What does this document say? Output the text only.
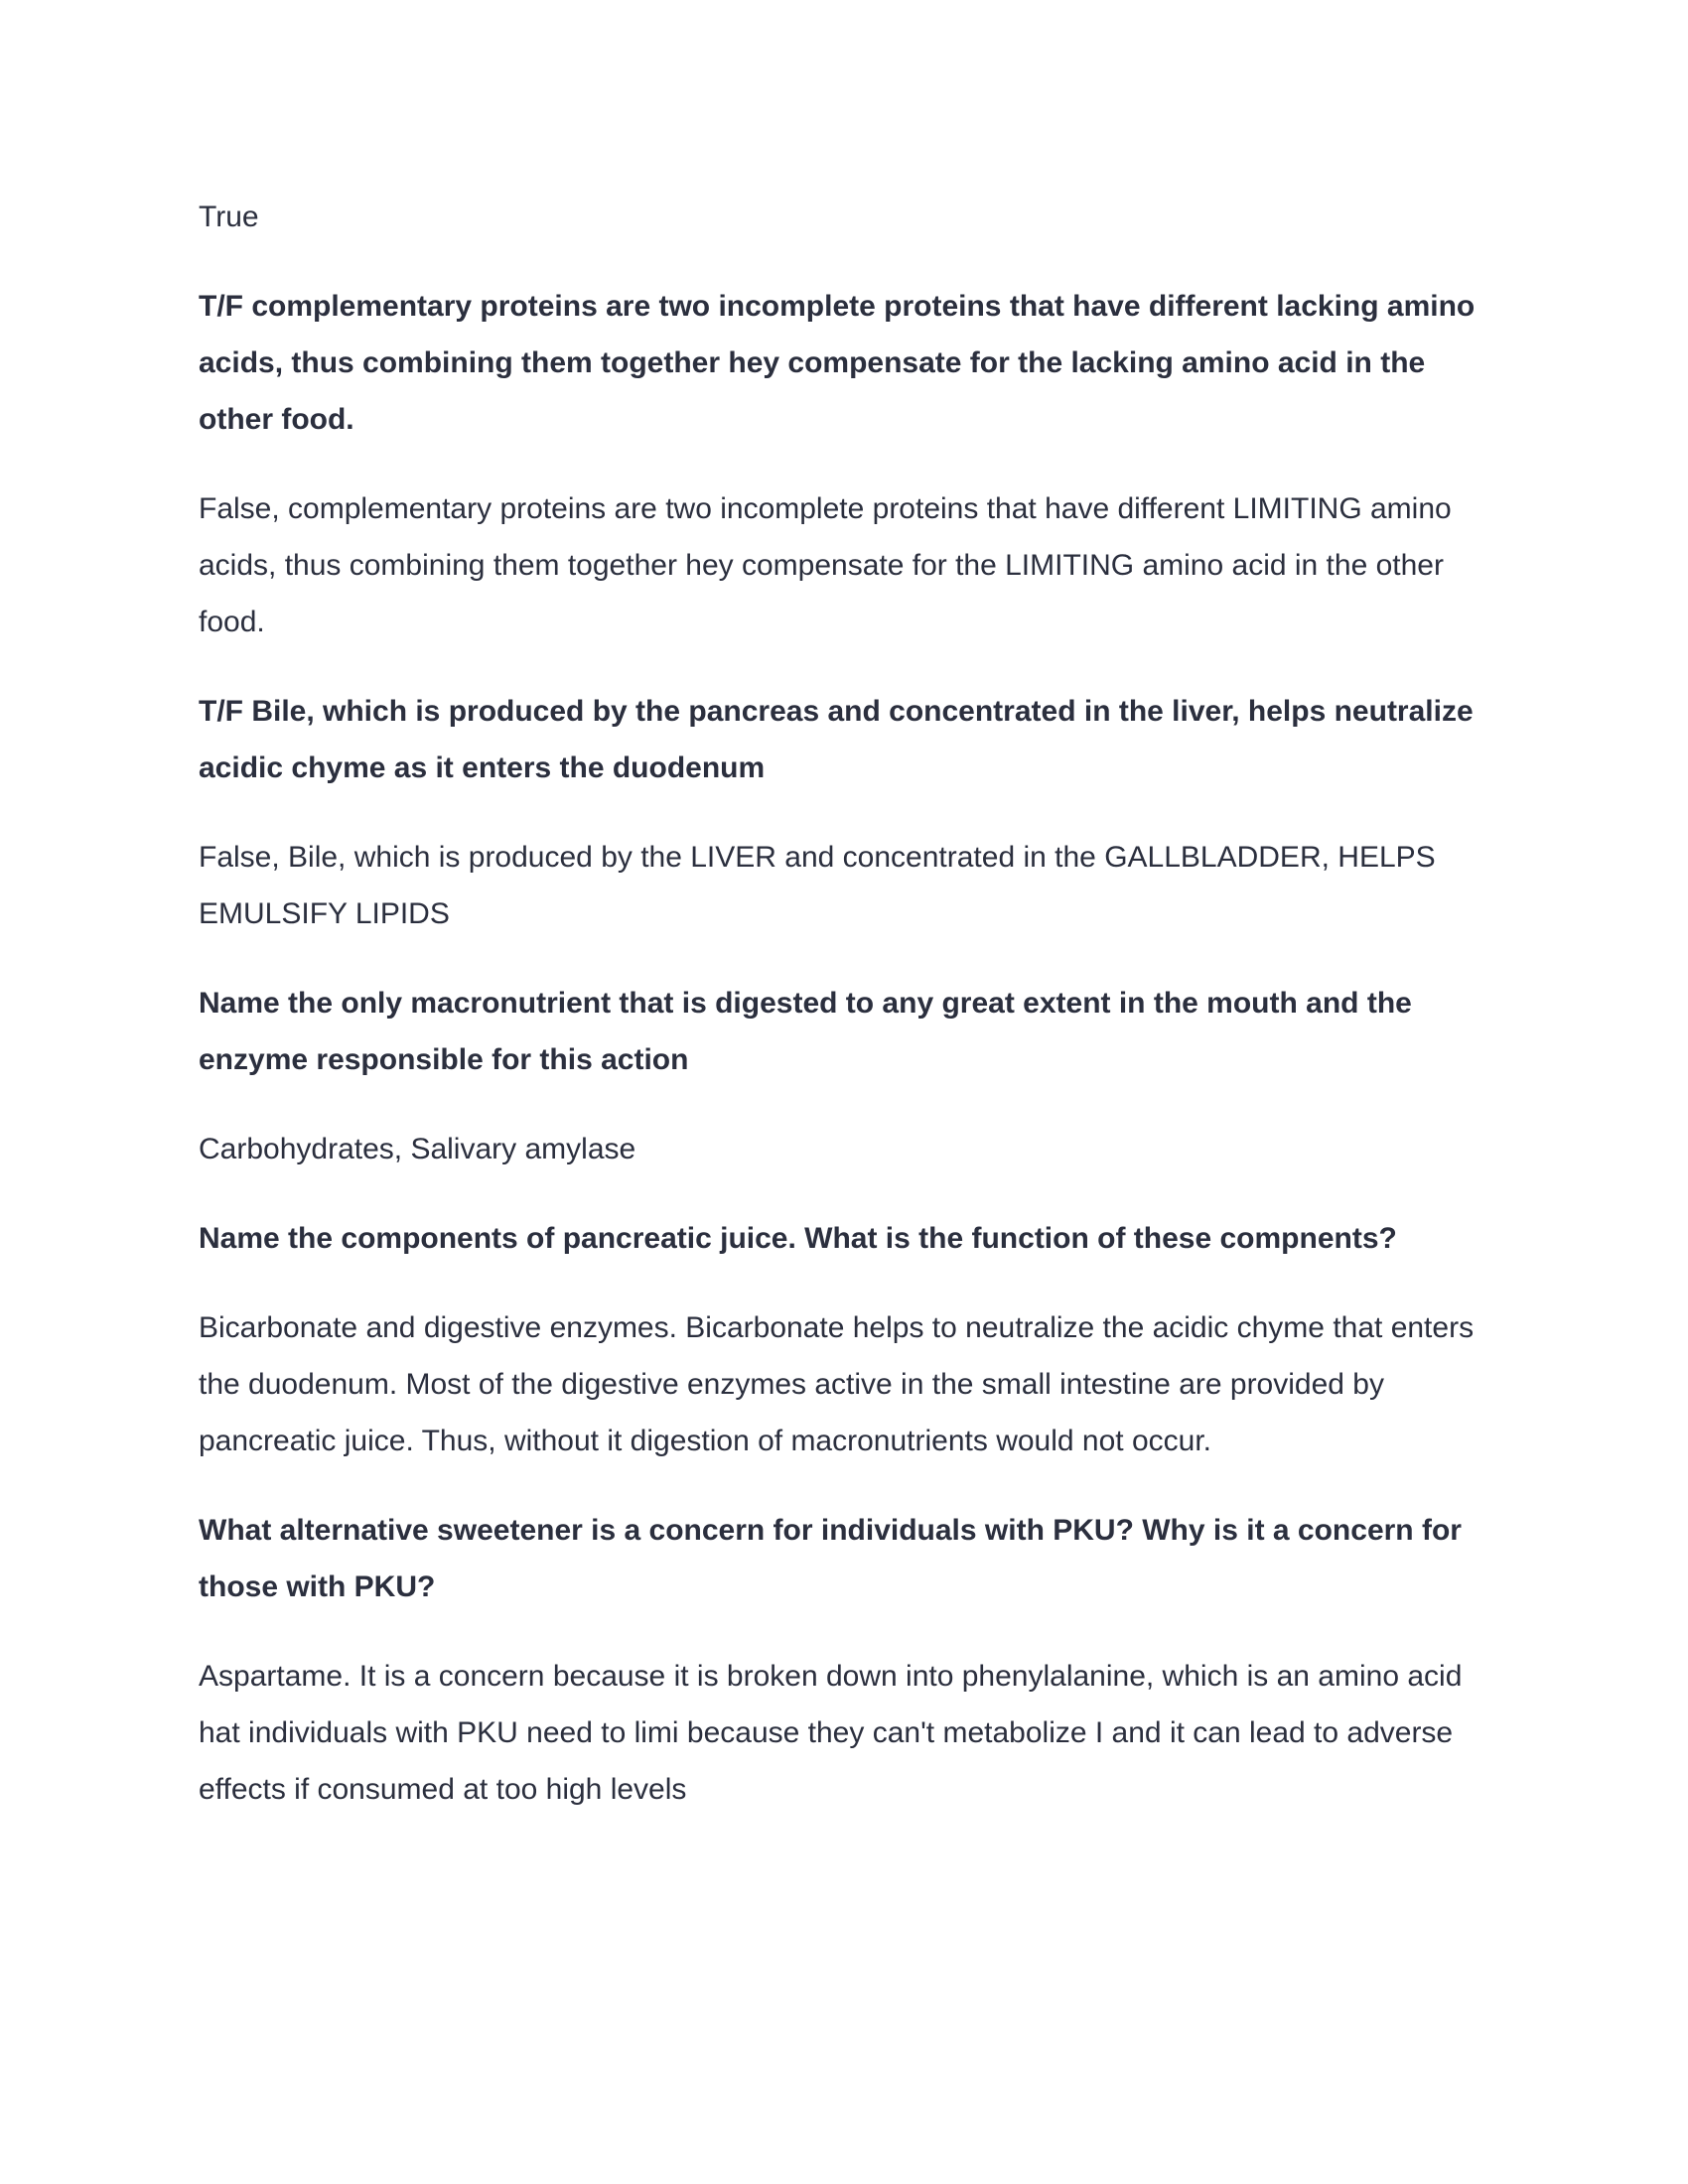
True

T/F complementary proteins are two incomplete proteins that have different lacking amino acids, thus combining them together hey compensate for the lacking amino acid in the other food.

False, complementary proteins are two incomplete proteins that have different LIMITING amino acids, thus combining them together hey compensate for the LIMITING amino acid in the other food.

T/F Bile, which is produced by the pancreas and concentrated in the liver, helps neutralize acidic chyme as it enters the duodenum

False, Bile, which is produced by the LIVER and concentrated in the GALLBLADDER, HELPS EMULSIFY LIPIDS

Name the only macronutrient that is digested to any great extent in the mouth and the enzyme responsible for this action

Carbohydrates, Salivary amylase

Name the components of pancreatic juice. What is the function of these compnents?

Bicarbonate and digestive enzymes. Bicarbonate helps to neutralize the acidic chyme that enters the duodenum. Most of the digestive enzymes active in the small intestine are provided by pancreatic juice. Thus, without it digestion of macronutrients would not occur.

What alternative sweetener is a concern for individuals with PKU? Why is it a concern for those with PKU?

Aspartame. It is a concern because it is broken down into phenylalanine, which is an amino acid hat individuals with PKU need to limi because they can't metabolize I and it can lead to adverse effects if consumed at too high levels
